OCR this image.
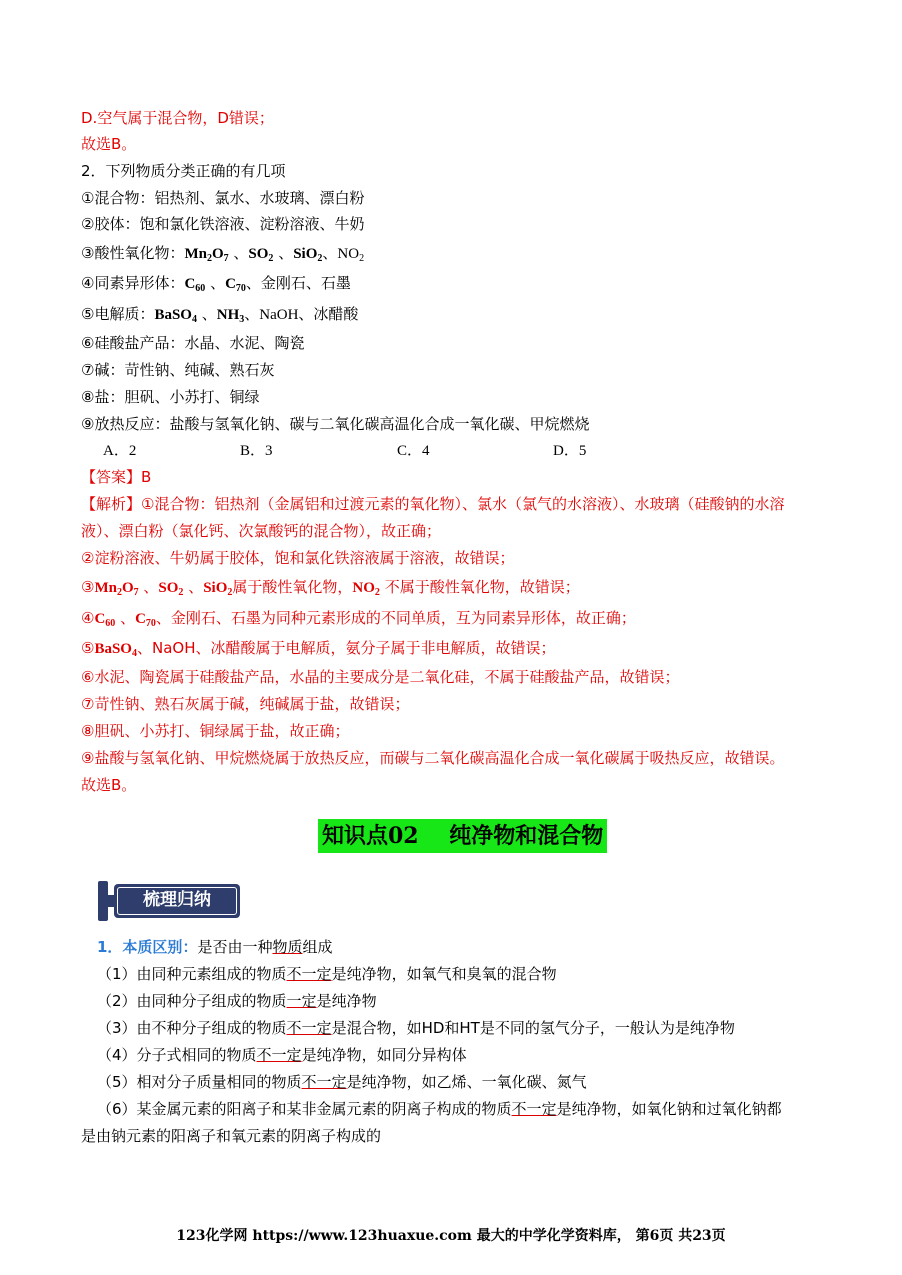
D.空气属于混合物，D错误；
故选B。
2．下列物质分类正确的有几项
①混合物：铝热剂、氯水、水玻璃、漂白粉
②胶体：饱和氯化铁溶液、淀粉溶液、牛奶
③酸性氧化物：$Mn_2O_7$ 、$SO_2$ 、SiO$_2$、$NO_2$
④同素异形体：$C_{60}$ 、$C_{70}$、金刚石、石墨
⑤电解质：BaSO$_4$ 、$NH_3$、NaOH、冰醋酸
⑥硅酸盐产品：水晶、水泥、陶瓷
⑦碱：苛性钠、纯碱、熟石灰
⑧盐：胆矾、小苏打、铜绿
⑨放热反应：盐酸与氢氧化钠、碳与二氧化碳高温化合成一氧化碳、甲烷燃烧
A．2	B．3	C．4	D．5
【答案】B
【解析】①混合物：铝热剂（金属铝和过渡元素的氧化物）、氯水（氯气的水溶液）、水玻璃（硅酸钠的水溶
液）、漂白粉（氯化钙、次氯酸钙的混合物），故正确；
②淀粉溶液、牛奶属于胶体，饱和氯化铁溶液属于溶液，故错误；
$③Mn_2O_7$ 、$SO_2$ 、SiO$_2$属于酸性氧化物，$NO_2$ 不属于酸性氧化物，故错误；
$④C_{60}$ 、$C_{70}$、金刚石、石墨为同种元素形成的不同单质，互为同素异形体，故正确；
⑤BaSO$_4$、NaOH、冰醋酸属于电解质，氨分子属于非电解质，故错误；
⑥水泥、陶瓷属于硅酸盐产品，水晶的主要成分是二氧化硅，不属于硅酸盐产品，故错误；
⑦苛性钠、熟石灰属于碱，纯碱属于盐，故错误；
⑧胆矾、小苏打、铜绿属于盐，故正确；
⑨盐酸与氢氧化钠、甲烷燃烧属于放热反应，而碳与二氧化碳高温化合成一氧化碳属于吸热反应，故错误。
故选B。
知识点02    纯净物和混合物
梳理归纳
1．本质区别：是否由一种物质组成
（1）由同种元素组成的物质不一定是纯净物，如氧气和臭氧的混合物
（2）由同种分子组成的物质一定是纯净物
（3）由不种分子组成的物质不一定是混合物，如HD和HT是不同的氢气分子，一般认为是纯净物
（4）分子式相同的物质不一定是纯净物，如同分异构体
（5）相对分子质量相同的物质不一定是纯净物，如乙烯、一氧化碳、氮气
（6）某金属元素的阳离子和某非金属元素的阴离子构成的物质不一定是纯净物，如氧化钠和过氧化钠都
是由钠元素的阳离子和氧元素的阴离子构成的
123化学网 https://www.123huaxue.com 最大的中学化学资料库， 第6页 共23页
